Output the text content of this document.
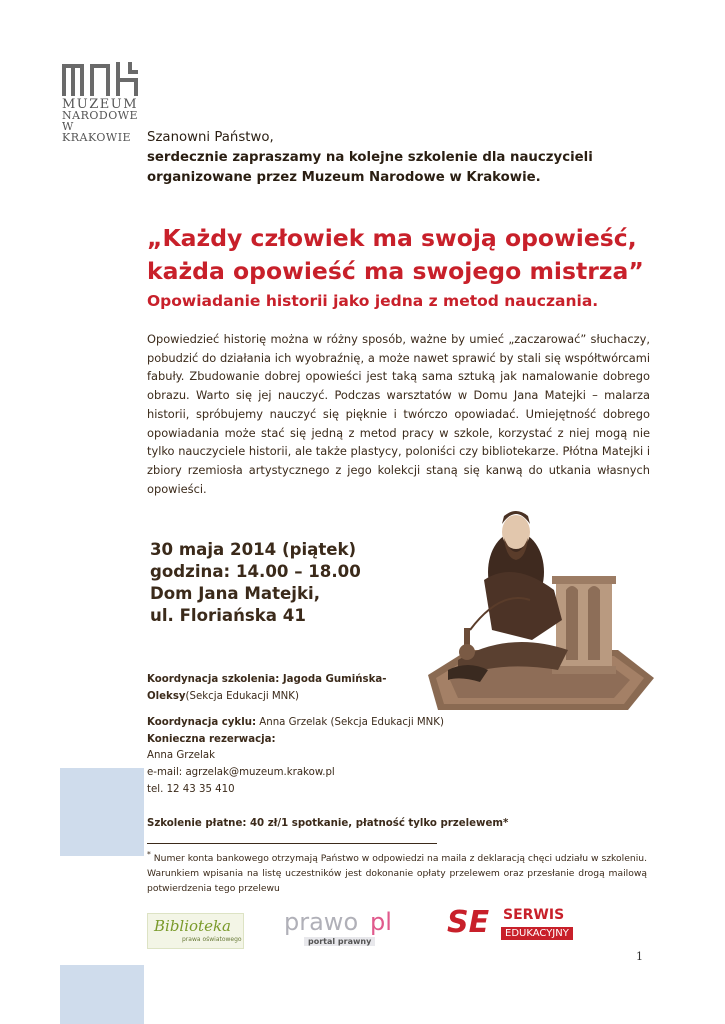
MUZEUM
NARODOWE
W KRAKOWIE	Szanowni Państwo,
serdecznie zapraszamy na kolejne szkolenie dla nauczycieli
organizowane przez Muzeum Narodowe w Krakowie.
„Każdy człowiek ma swoją opowieść,
każda opowieść ma swojego mistrza”
Opowiadanie historii jako jedna z metod nauczania.
Opowiedzieć historię można w różny sposób, ważne by umieć „zaczarować” słuchaczy, pobudzić do działania ich wyobraźnię, a może nawet sprawić by stali się współtwórcami fabuły. Zbudowanie dobrej opowieści jest taką sama sztuką jak namalowanie dobrego obrazu. Warto się jej nauczyć. Podczas warsztatów w Domu Jana Matejki – malarza historii, spróbujemy nauczyć się pięknie i twórczo opowiadać. Umiejętność dobrego opowiadania może stać się jedną z metod pracy w szkole, korzystać z niej mogą nie tylko nauczyciele historii, ale także plastycy, poloniści czy bibliotekarze. Płótna Matejki i zbiory rzemiosła artystycznego z jego kolekcji staną się kanwą do utkania własnych opowieści.
30 maja 2014 (piątek)
godzina: 14.00 – 18.00
Dom Jana Matejki,
ul. Floriańska 41
Koordynacja szkolenia: Jagoda Gumińska-
Oleksy(Sekcja Edukacji MNK)
Koordynacja cyklu: Anna Grzelak (Sekcja Edukacji MNK)
Konieczna rezerwacja:
Anna Grzelak
e-mail: agrzelak@muzeum.krakow.pl
tel. 12 43 35 410
Szkolenie płatne: 40 zł/1 spotkanie, płatność tylko przelewem*
* Numer konta bankowego otrzymają Państwo w odpowiedzi na maila z deklaracją chęci udziału w szkoleniu. Warunkiem wpisania na listę uczestników jest dokonanie opłaty przelewem oraz przesłanie drogą mailową potwierdzenia tego przelewu
Biblioteka
prawa oświatowego
prawo pl
portal prawny
SE SERWIS
EDUKACYJNY
1
